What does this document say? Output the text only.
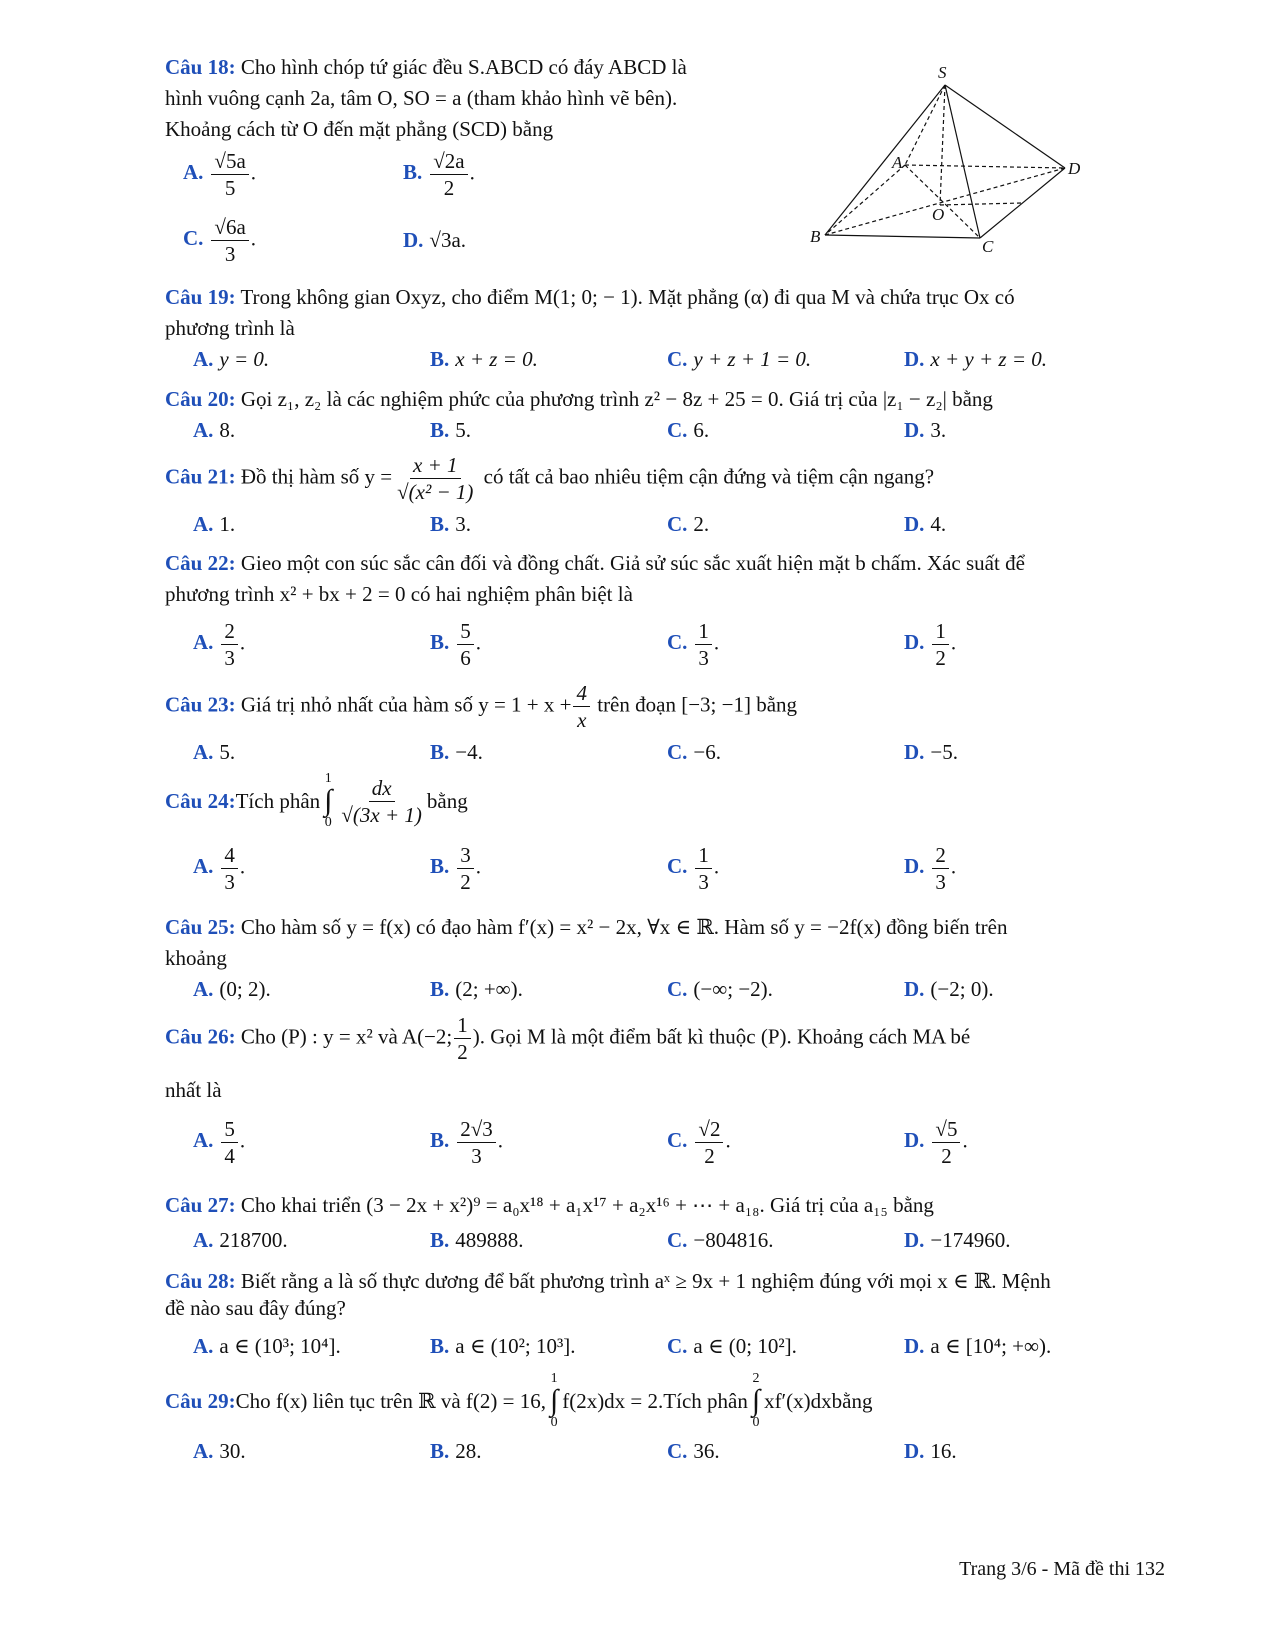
Câu 18: Cho hình chóp tứ giác đều S.ABCD có đáy ABCD là
hình vuông cạnh 2a, tâm O, SO = a (tham khảo hình vẽ bên).
Khoảng cách từ O đến mặt phẳng (SCD) bằng
A. $\frac{√5a}{5}$ .	B. $\frac{√2a}{2}$ .
C. $\frac{√6a}{3}$ .	D. √3a.
S
A
B
C
D
O
Câu 19: Trong không gian Oxyz, cho điểm M(1; 0; − 1). Mặt phẳng (α) đi qua M và chứa trục Ox có
phương trình là
A. y = 0.	B. x + z = 0.	C. y + z + 1 = 0.	D. x + y + z = 0.
Câu 20: Gọi z₁, z₂ là các nghiệm phức của phương trình z² − 8z + 25 = 0. Giá trị của |z₁ − z₂| bằng
A. 8.	B. 5.	C. 6.	D. 3.
Câu 21: Đồ thị hàm số $y = \frac{x + 1}{\text{√(x² − 1)}}$ có tất cả bao nhiêu tiệm cận đứng và tiệm cận ngang?
A. 1.	B. 3.	C. 2.	D. 4.
Câu 22: Gieo một con súc sắc cân đối và đồng chất. Giả sử súc sắc xuất hiện mặt b chấm. Xác suất để
phương trình x² + bx + 2 = 0 có hai nghiệm phân biệt là
A. $\frac{2}{3}$ .	B. $\frac{5}{6}$ .	C. $\frac{1}{3}$ .	D. $\frac{1}{2}$ .
Câu 23: Giá trị nhỏ nhất của hàm số $y = 1 + x + \frac{4}{x}$ trên đoạn [−3; −1] bằng
A. 5.	B. −4.	C. −6.	D. −5.
Câu 24: Tích phân
1
∫
$0 \frac{dx}{√(3x + 1)}$ bằng
A. $\frac{4}{3}$ .	B. $\frac{3}{2}$ .	C. $\frac{1}{3}$ .	D. $\frac{2}{3}$ .
Câu 25: Cho hàm số y = f(x) có đạo hàm f′(x) = x² − 2x, ∀x ∈ ℝ. Hàm số y = −2f(x) đồng biến trên
khoảng
A. (0; 2).	B. (2; +∞).	C. (−∞; −2).	D. (−2; 0).
Câu 26: Cho (P) : y = x² và A(−2; $\frac{1}{2}$ ). Gọi M là một điểm bất kì thuộc (P). Khoảng cách MA bé
nhất là
A. $\frac{5}{4}$ .	B. $\frac{2√3}{3}$ .	C. $\frac{√2}{2}$ .	D. $\frac{√5}{2}$ .
Câu 27: Cho khai triển (3 − 2x + x²)⁹ = a₀x¹⁸ + a₁x¹⁷ + a₂x¹⁶ + ⋯ + a₁₈. Giá trị của a₁₅ bằng
A. 218700.	B. 489888.	C. −804816.	D. −174960.
Câu 28: Biết rằng a là số thực dương để bất phương trình aˣ ≥ 9x + 1 nghiệm đúng với mọi x ∈ ℝ. Mệnh
đề nào sau đây đúng?
A. a ∈ (10³; 10⁴].	B. a ∈ (10²; 10³].	C. a ∈ (0; 10²].	D. a ∈ [10⁴; +∞).
Câu 29: Cho f(x) liên tục trên ℝ và f(2) = 16,
1
∫
0
f(2x)dx = 2. Tích phân
2
∫
0
xf′(x)dx bằng
A. 30.	B. 28.	C. 36.	D. 16.
Trang 3/6 - Mã đề thi 132
